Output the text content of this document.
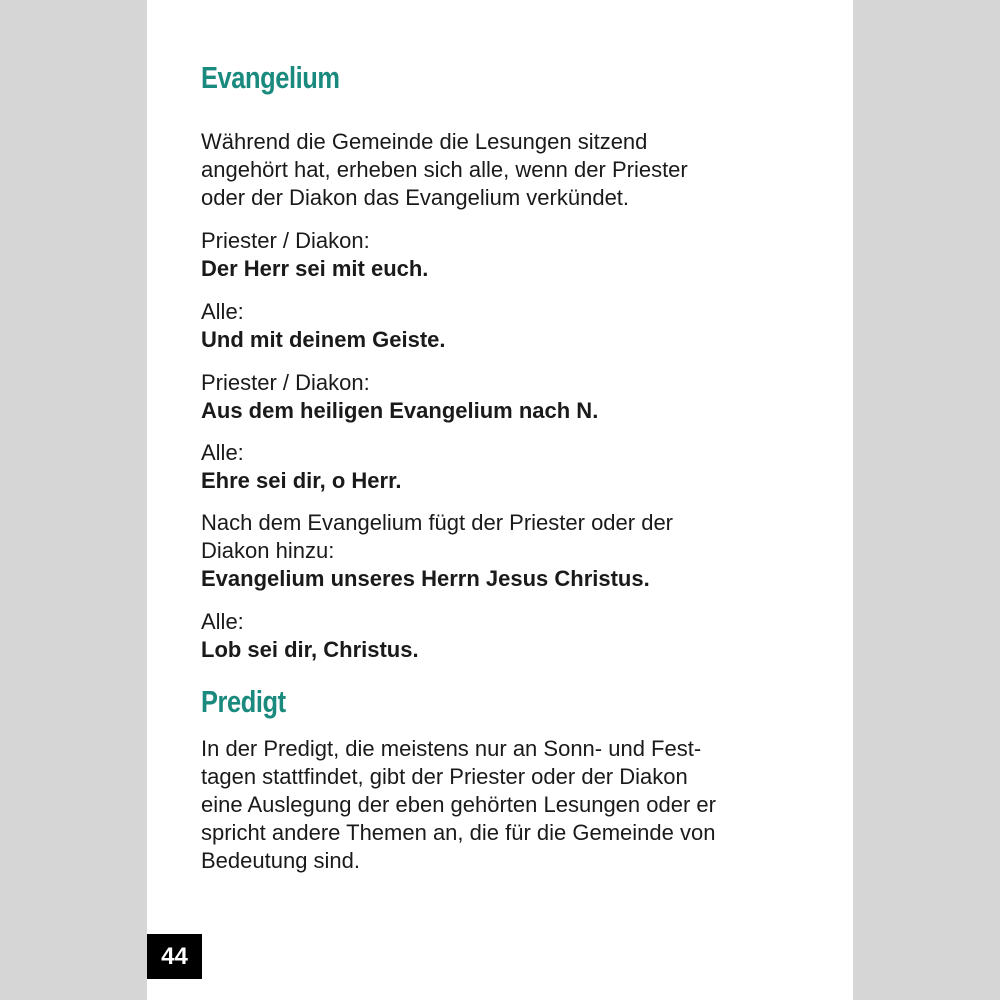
Evangelium

Während die Gemeinde die Lesungen sitzend
angehört hat, erheben sich alle, wenn der Priester
oder der Diakon das Evangelium verkündet.

Priester / Diakon:

Der Herr sei mit euch.

Alle:

Und mit deinem Geiste.

Priester / Diakon:

Aus dem heiligen Evangelium nach N.

Alle:

Ehre sei dir, o Herr.

Nach dem Evangelium fügt der Priester oder der
Diakon hinzu:

Evangelium unseres Herrn Jesus Christus.

Alle:

Lob sei dir, Christus.

Predigt

In der Predigt, die meistens nur an Sonn- und Fest-
tagen stattfindet, gibt der Priester oder der Diakon
eine Auslegung der eben gehörten Lesungen oder er
spricht andere Themen an, die für die Gemeinde von
Bedeutung sind.

44
